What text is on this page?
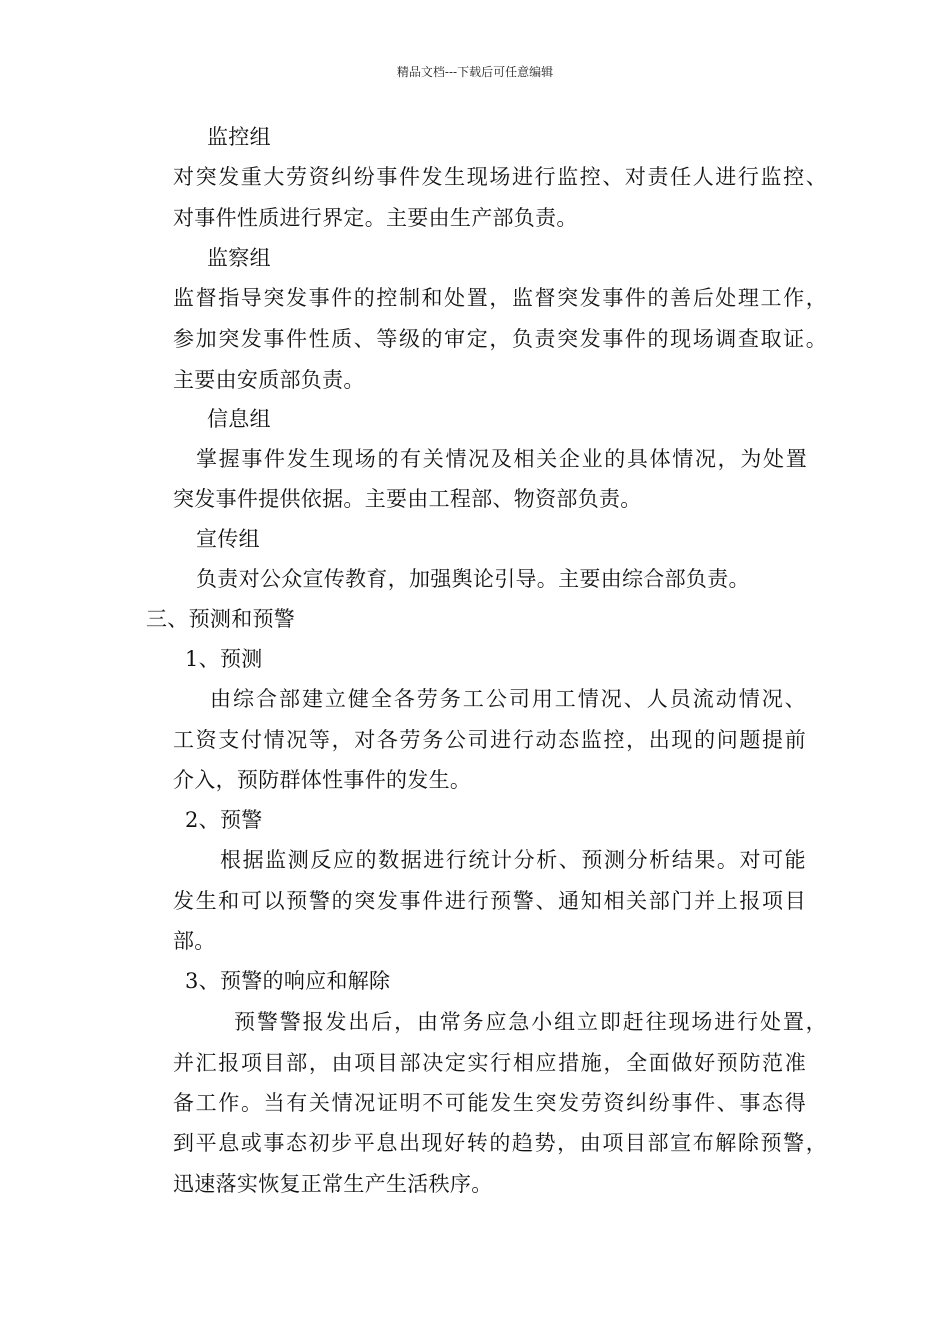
精品文档---下载后可任意编辑
监控组
对突发重大劳资纠纷事件发生现场进行监控、对责任人进行监控、
对事件性质进行界定。主要由生产部负责。
监察组
监督指导突发事件的控制和处置，监督突发事件的善后处理工作，
参加突发事件性质、等级的审定，负责突发事件的现场调查取证。
主要由安质部负责。
信息组
掌握事件发生现场的有关情况及相关企业的具体情况，为处置
突发事件提供依据。主要由工程部、物资部负责。
宣传组
负责对公众宣传教育，加强舆论引导。主要由综合部负责。
三、预测和预警
1、预测
由综合部建立健全各劳务工公司用工情况、人员流动情况、
工资支付情况等，对各劳务公司进行动态监控，出现的问题提前
介入，预防群体性事件的发生。
2、预警
根据监测反应的数据进行统计分析、预测分析结果。对可能
发生和可以预警的突发事件进行预警、通知相关部门并上报项目
部。
3、预警的响应和解除
预警警报发出后，由常务应急小组立即赶往现场进行处置，
并汇报项目部，由项目部决定实行相应措施，全面做好预防范准
备工作。当有关情况证明不可能发生突发劳资纠纷事件、事态得
到平息或事态初步平息出现好转的趋势，由项目部宣布解除预警，
迅速落实恢复正常生产生活秩序。
